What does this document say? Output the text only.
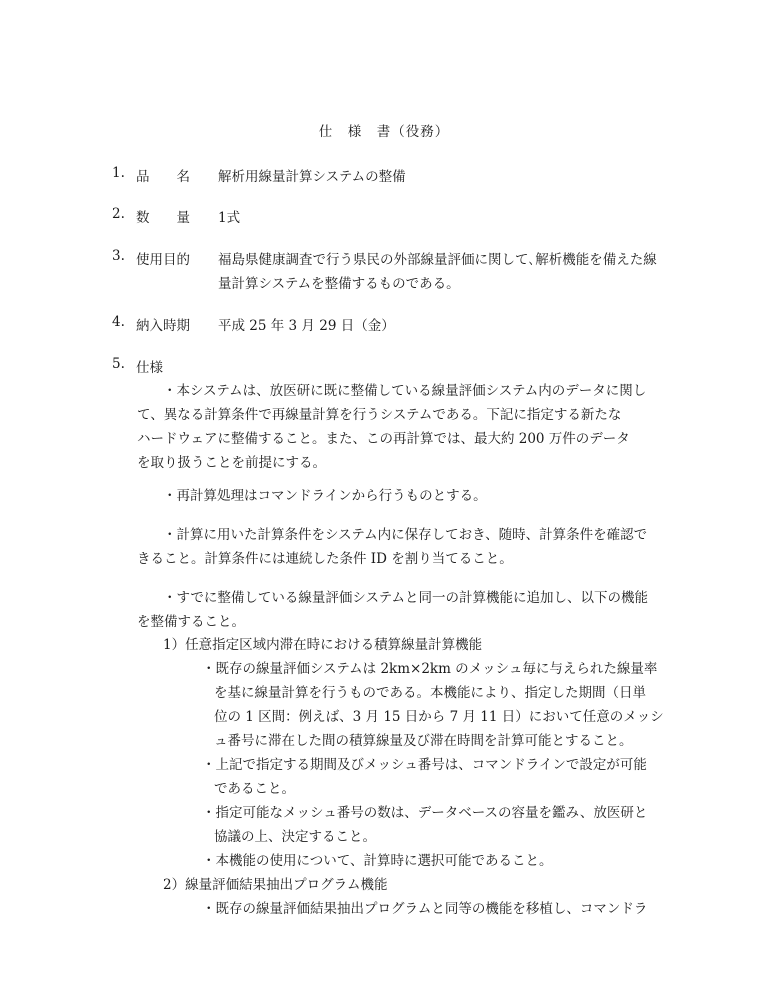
仕　様　書（役務）
1. 品　　名 解析用線量計算システムの整備
2. 数　　量 1式
3. 使用目的 福島県健康調査で行う県民の外部線量評価に関して､解析機能を備えた線
量計算システムを整備するものである。
4. 納入時期 平成 25 年 3 月 29 日（金）
5. 仕様
・本システムは、放医研に既に整備している線量評価システム内のデータに関し
て、異なる計算条件で再線量計算を行うシステムである。下記に指定する新たな
ハードウェアに整備すること。また、この再計算では、最大約 200 万件のデータ
を取り扱うことを前提にする。
・再計算処理はコマンドラインから行うものとする。
・計算に用いた計算条件をシステム内に保存しておき、随時、計算条件を確認で
きること。計算条件には連続した条件 ID を割り当てること。
・すでに整備している線量評価システムと同一の計算機能に追加し、以下の機能
を整備すること。
1）任意指定区域内滞在時における積算線量計算機能
・既存の線量評価システムは 2km×2km のメッシュ毎に与えられた線量率
を基に線量計算を行うものである。本機能により、指定した期間（日単
位の 1 区間：例えば、3 月 15 日から 7 月 11 日）において任意のメッシ
ュ番号に滞在した間の積算線量及び滞在時間を計算可能とすること。
・上記で指定する期間及びメッシュ番号は、コマンドラインで設定が可能
であること。
・指定可能なメッシュ番号の数は、データベースの容量を鑑み、放医研と
協議の上、決定すること。
・本機能の使用について、計算時に選択可能であること。
2）線量評価結果抽出プログラム機能
・既存の線量評価結果抽出プログラムと同等の機能を移植し、コマンドラ
